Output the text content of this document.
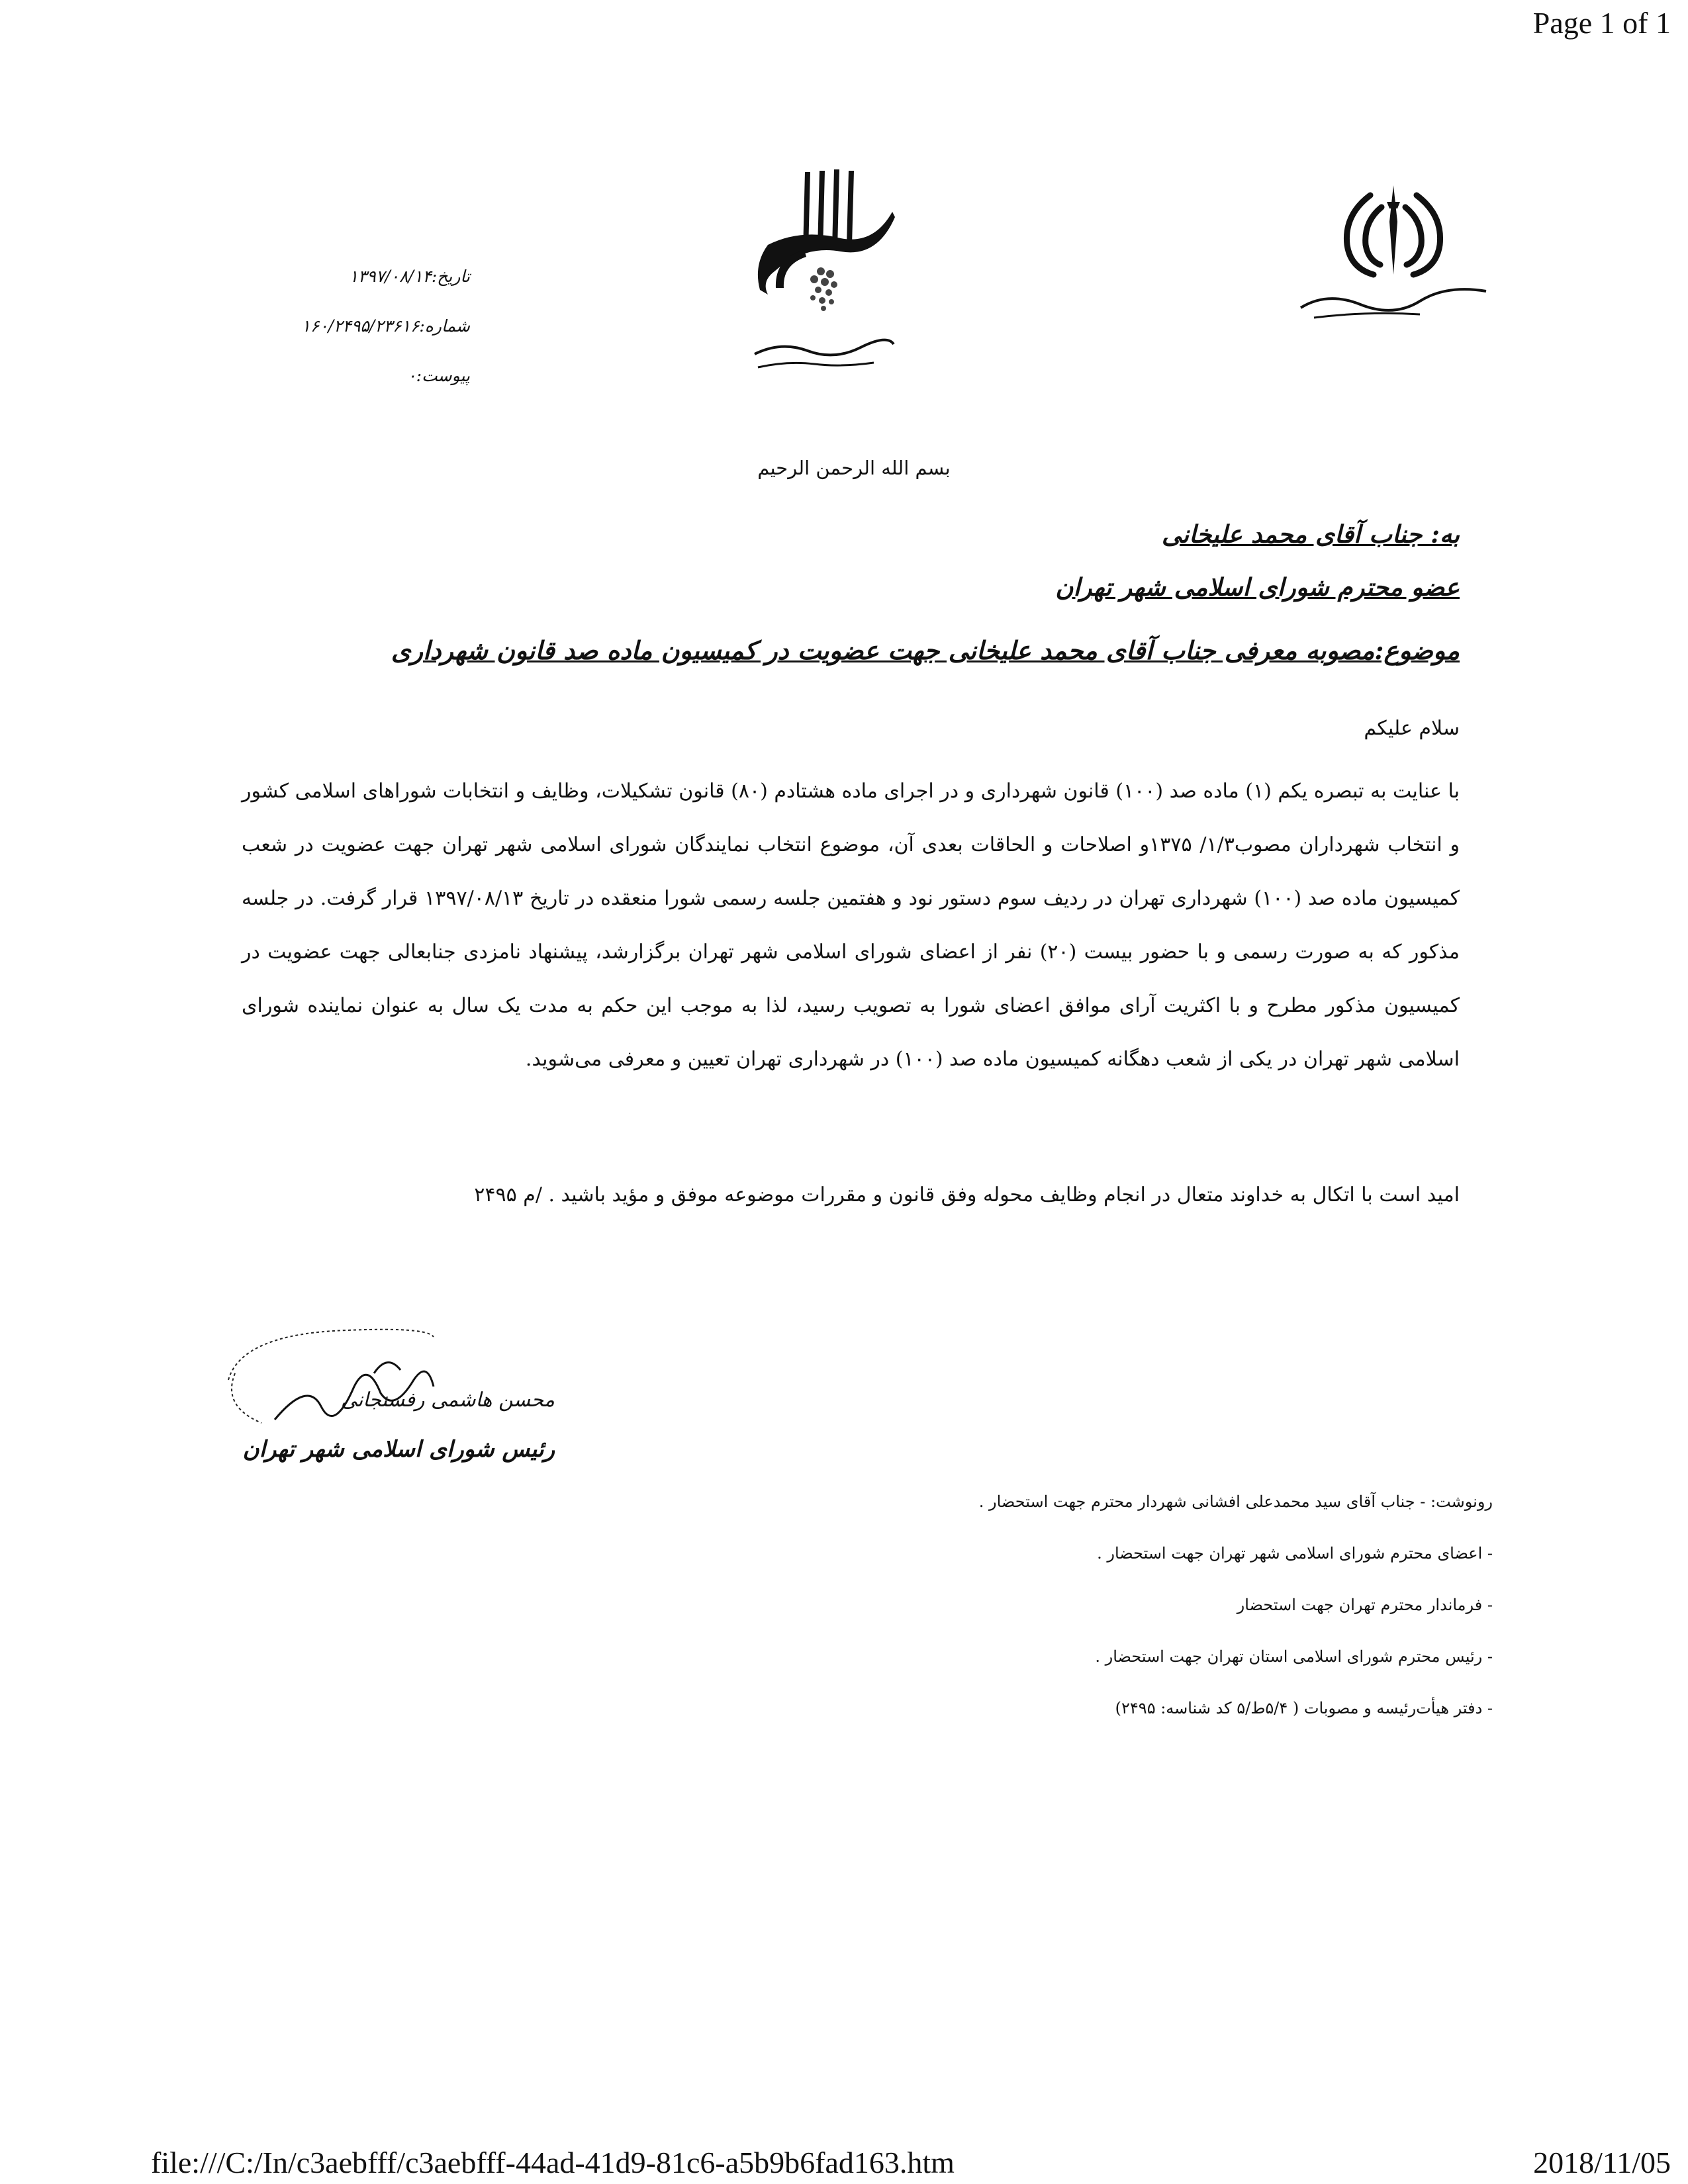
Page 1 of 1
file:///C:/In/c3aebfff/c3aebfff-44ad-41d9-81c6-a5b9b6fad163.htm	2018/11/05
تاریخ:۱۳۹۷/۰۸/۱۴
شماره:۱۶۰/۲۴۹۵/۲۳۶۱۶
پیوست:۰
بسم الله الرحمن الرحیم
به: جناب آقای محمد علیخانی
عضو محترم شورای اسلامی شهر تهران
موضوع:مصوبه معرفی جناب آقای محمد علیخانی جهت عضویت در کمیسیون ماده صد قانون شهرداری
سلام علیکم
با عنایت به تبصره یکم (۱) ماده صد (۱۰۰) قانون شهرداری و در اجرای ماده هشتادم (۸۰) قانون تشکیلات، وظایف و انتخابات شوراهای اسلامی کشور و انتخاب شهرداران مصوب۱/۳/ ۱۳۷۵و اصلاحات و الحاقات بعدی آن، موضوع انتخاب نمایندگان شورای اسلامی شهر تهران جهت عضویت در شعب کمیسیون ماده صد (۱۰۰) شهرداری تهران در ردیف سوم دستور نود و هفتمین جلسه رسمی شورا منعقده در تاریخ ۱۳۹۷/۰۸/۱۳ قرار گرفت. در جلسه مذکور که به صورت رسمی و با حضور بیست (۲۰) نفر از اعضای شورای اسلامی شهر تهران برگزارشد، پیشنهاد نامزدی جنابعالی جهت عضویت در کمیسیون مذکور مطرح و با اکثریت آرای موافق اعضای شورا به تصویب رسید، لذا به موجب این حکم به مدت یک سال به عنوان نماینده شورای اسلامی شهر تهران در یکی از شعب دهگانه کمیسیون ماده صد (۱۰۰) در شهرداری تهران تعیین و معرفی می‌شوید.
امید است با اتکال به خداوند متعال در انجام وظایف محوله وفق قانون و مقررات موضوعه موفق و مؤید باشید . /م ۲۴۹۵
محسن هاشمی رفسنجانی
رئیس شورای اسلامی شهر تهران
رونوشت: - جناب آقای سید محمدعلی افشانی شهردار محترم جهت استحضار .
- اعضای محترم شورای اسلامی شهر تهران جهت استحضار .
- فرماندار محترم تهران جهت استحضار
- رئیس محترم شورای اسلامی استان تهران جهت استحضار .
- دفتر هیأت‌رئیسه و مصوبات ( ۵/۴ط/۵ کد شناسه: ۲۴۹۵)
